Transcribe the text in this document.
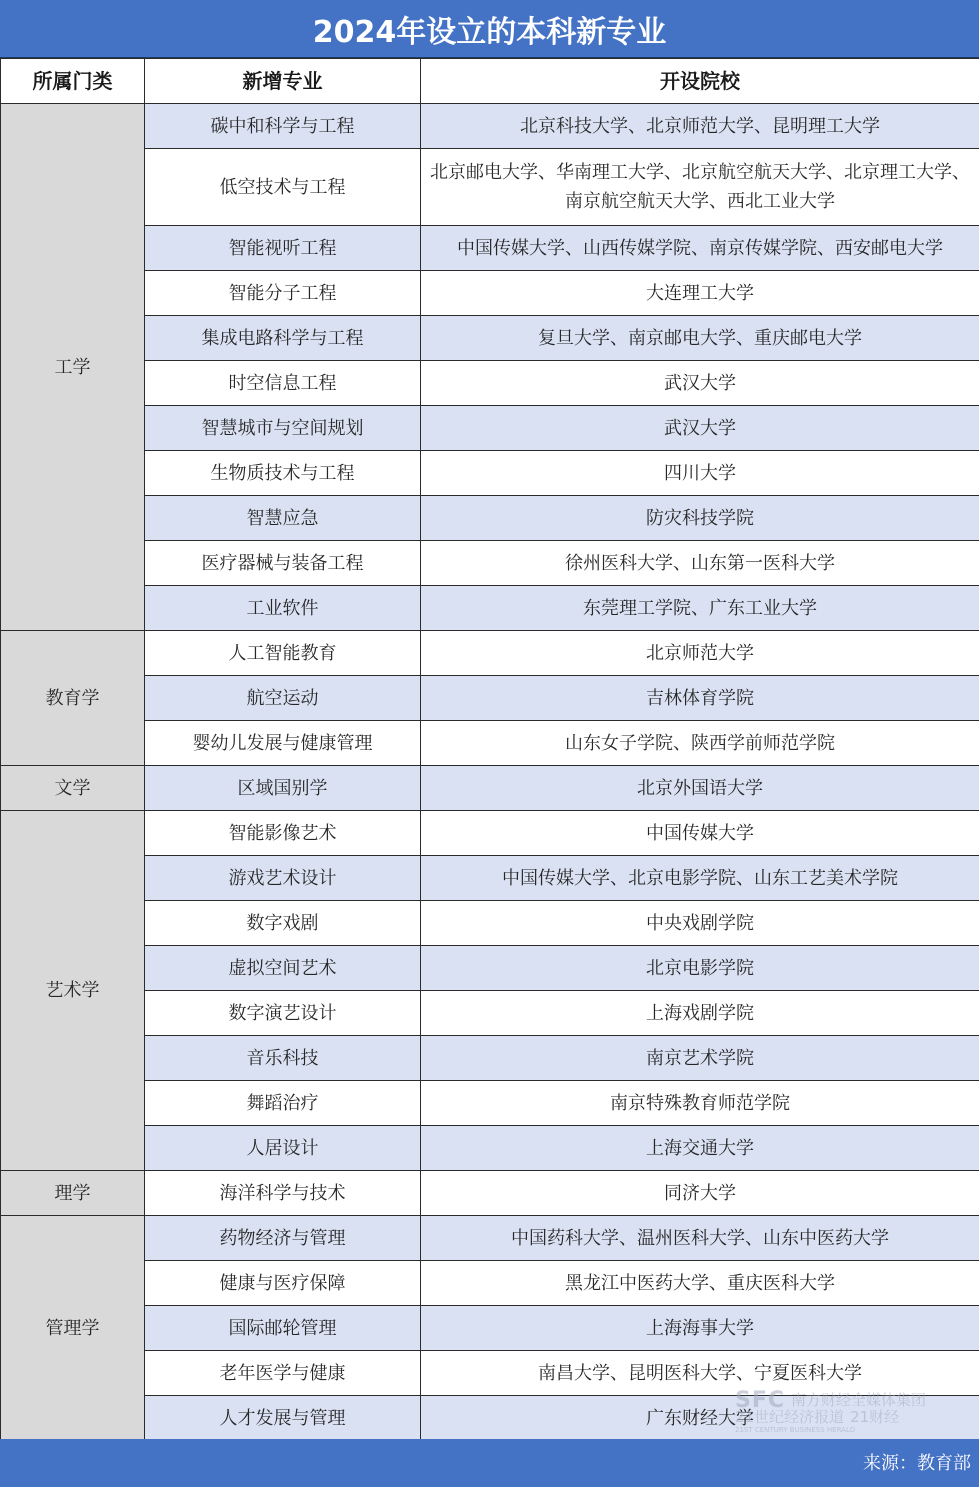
2024年设立的本科新专业
所属门类	新增专业	开设院校
工学	碳中和科学与工程	北京科技大学、北京师范大学、昆明理工大学
	低空技术与工程	北京邮电大学、华南理工大学、北京航空航天大学、北京理工大学、南京航空航天大学、西北工业大学
	智能视听工程	中国传媒大学、山西传媒学院、南京传媒学院、西安邮电大学
	智能分子工程	大连理工大学
	集成电路科学与工程	复旦大学、南京邮电大学、重庆邮电大学
	时空信息工程	武汉大学
	智慧城市与空间规划	武汉大学
	生物质技术与工程	四川大学
	智慧应急	防灾科技学院
	医疗器械与装备工程	徐州医科大学、山东第一医科大学
	工业软件	东莞理工学院、广东工业大学
教育学	人工智能教育	北京师范大学
	航空运动	吉林体育学院
	婴幼儿发展与健康管理	山东女子学院、陕西学前师范学院
文学	区域国别学	北京外国语大学
艺术学	智能影像艺术	中国传媒大学
	游戏艺术设计	中国传媒大学、北京电影学院、山东工艺美术学院
	数字戏剧	中央戏剧学院
	虚拟空间艺术	北京电影学院
	数字演艺设计	上海戏剧学院
	音乐科技	南京艺术学院
	舞蹈治疗	南京特殊教育师范学院
	人居设计	上海交通大学
理学	海洋科学与技术	同济大学
管理学	药物经济与管理	中国药科大学、温州医科大学、山东中医药大学
	健康与医疗保障	黑龙江中医药大学、重庆医科大学
	国际邮轮管理	上海海事大学
	老年医学与健康	南昌大学、昆明医科大学、宁夏医科大学
	人才发展与管理	广东财经大学
SFC 南方财经全媒体集团
21世纪经济报道 21财经
21ST CENTURY BUSINESS HERALD
来源：教育部
